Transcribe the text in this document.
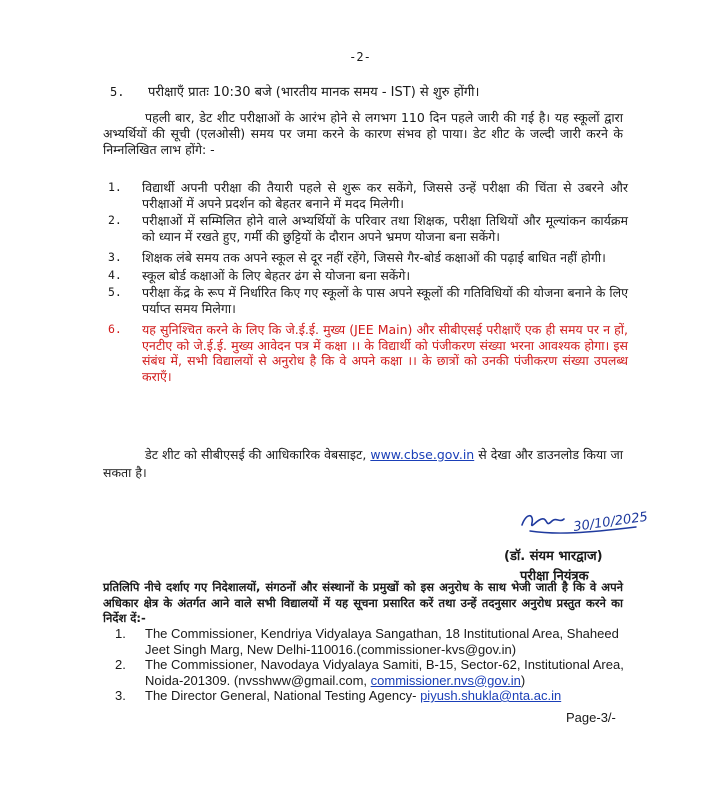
-2-
5. परीक्षाएँ प्रातः 10:30 बजे (भारतीय मानक समय - IST) से शुरु होंगी।
पहली बार, डेट शीट परीक्षाओं के आरंभ होने से लगभग 110 दिन पहले जारी की गई है। यह स्कूलों द्वारा अभ्यर्थियों की सूची (एलओसी) समय पर जमा करने के कारण संभव हो पाया। डेट शीट के जल्दी जारी करने के निम्नलिखित लाभ होंगे: -
1.	विद्यार्थी अपनी परीक्षा की तैयारी पहले से शुरू कर सकेंगे, जिससे उन्हें परीक्षा की चिंता से उबरने और परीक्षाओं में अपने प्रदर्शन को बेहतर बनाने में मदद मिलेगी।
2.	परीक्षाओं में सम्मिलित होने वाले अभ्यर्थियों के परिवार तथा शिक्षक, परीक्षा तिथियों और मूल्यांकन कार्यक्रम को ध्यान में रखते हुए, गर्मी की छुट्टियों के दौरान अपने भ्रमण योजना बना सकेंगे।
3.	शिक्षक लंबे समय तक अपने स्कूल से दूर नहीं रहेंगे, जिससे गैर-बोर्ड कक्षाओं की पढ़ाई बाधित नहीं होगी।
4.	स्कूल बोर्ड कक्षाओं के लिए बेहतर ढंग से योजना बना सकेंगे।
5.	परीक्षा केंद्र के रूप में निर्धारित किए गए स्कूलों के पास अपने स्कूलों की गतिविधियों की योजना बनाने के लिए पर्याप्त समय मिलेगा।
6.	यह सुनिश्चित करने के लिए कि जे.ई.ई. मुख्य (JEE Main) और सीबीएसई परीक्षाएँ एक ही समय पर न हों, एनटीए को जे.ई.ई. मुख्य आवेदन पत्र में कक्षा ।। के विद्यार्थी को पंजीकरण संख्या भरना आवश्यक होगा। इस संबंध में, सभी विद्यालयों से अनुरोध है कि वे अपने कक्षा ।। के छात्रों को उनकी पंजीकरण संख्या उपलब्ध कराएँ।
डेट शीट को सीबीएसई की आधिकारिक वेबसाइट, www.cbse.gov.in से देखा और डाउनलोड किया जा सकता है।
30/10/2025
(डॉ. संयम भारद्वाज)
परीक्षा नियंत्रक
प्रतिलिपि नीचे दर्शाए गए निदेशालयों, संगठनों और संस्थानों के प्रमुखों को इस अनुरोध के साथ भेजी जाती है कि वे अपने अधिकार क्षेत्र के अंतर्गत आने वाले सभी विद्यालयों में यह सूचना प्रसारित करें तथा उन्हें तदनुसार अनुरोध प्रस्तुत करने का निर्देश दें:-
1.	The Commissioner, Kendriya Vidyalaya Sangathan, 18 Institutional Area, Shaheed Jeet Singh Marg, New Delhi-110016.(commissioner-kvs@gov.in)
2.	The Commissioner, Navodaya Vidyalaya Samiti, B-15, Sector-62, Institutional Area, Noida-201309. (nvsshww@gmail.com, commissioner.nvs@gov.in)
3.	The Director General, National Testing Agency- piyush.shukla@nta.ac.in
Page-3/-
